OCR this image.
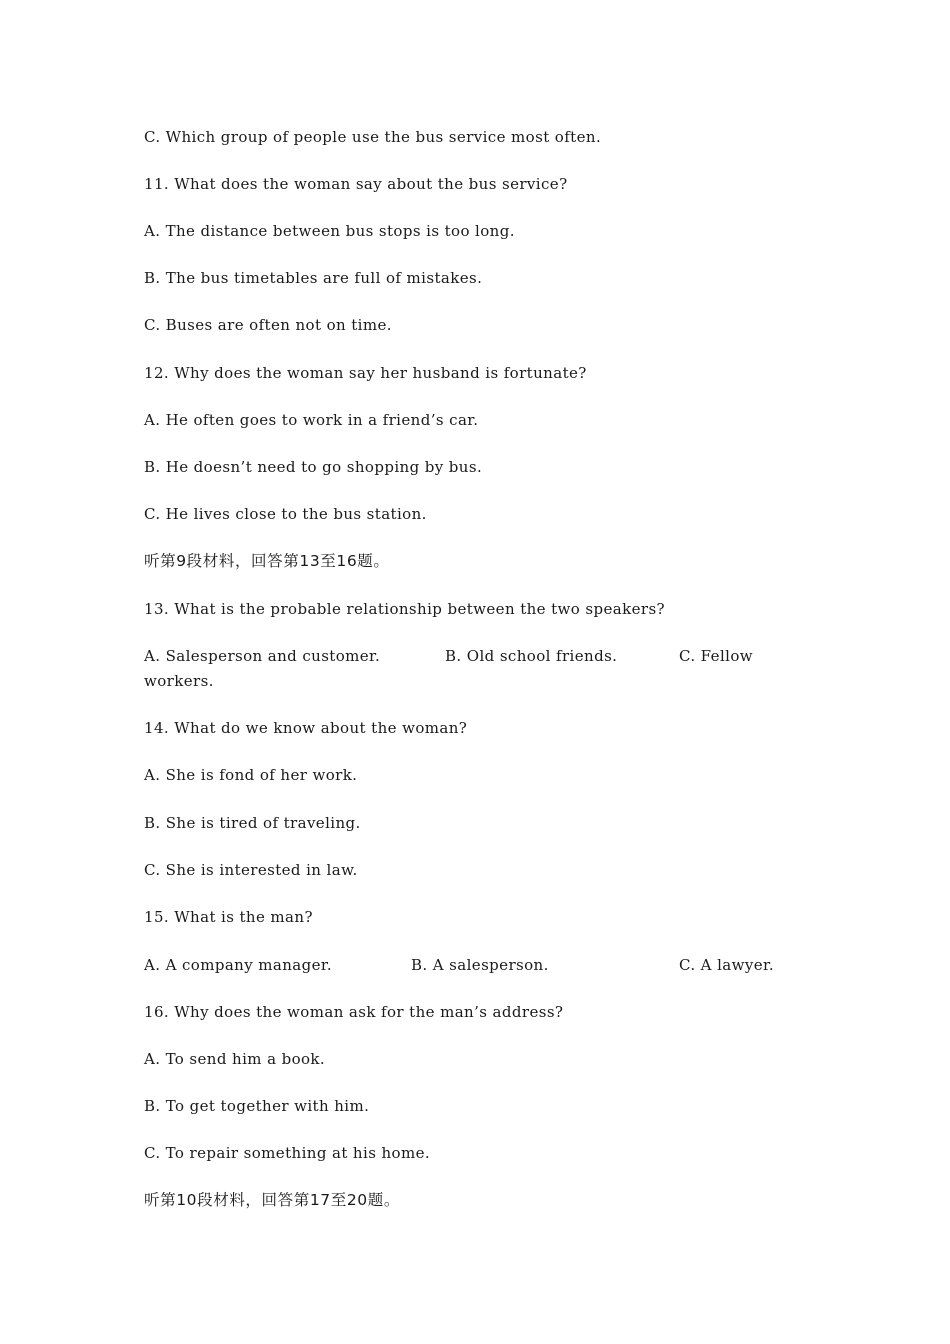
C. Which group of people use the bus service most often.
11. What does the woman say about the bus service?
A. The distance between bus stops is too long.
B. The bus timetables are full of mistakes.
C. Buses are often not on time.
12. Why does the woman say her husband is fortunate?
A. He often goes to work in a friend’s car.
B. He doesn’t need to go shopping by bus.
C. He lives close to the bus station.
听第9段材料，回答第13至16题。
13. What is the probable relationship between the two speakers?
A. Salesperson and customer.	B. Old school friends.	C. Fellow
workers.
14. What do we know about the woman?
A. She is fond of her work.
B. She is tired of traveling.
C. She is interested in law.
15. What is the man?
A. A company manager.	B. A salesperson.	C. A lawyer.
16. Why does the woman ask for the man’s address?
A. To send him a book.
B. To get together with him.
C. To repair something at his home.
听第10段材料，回答第17至20题。
